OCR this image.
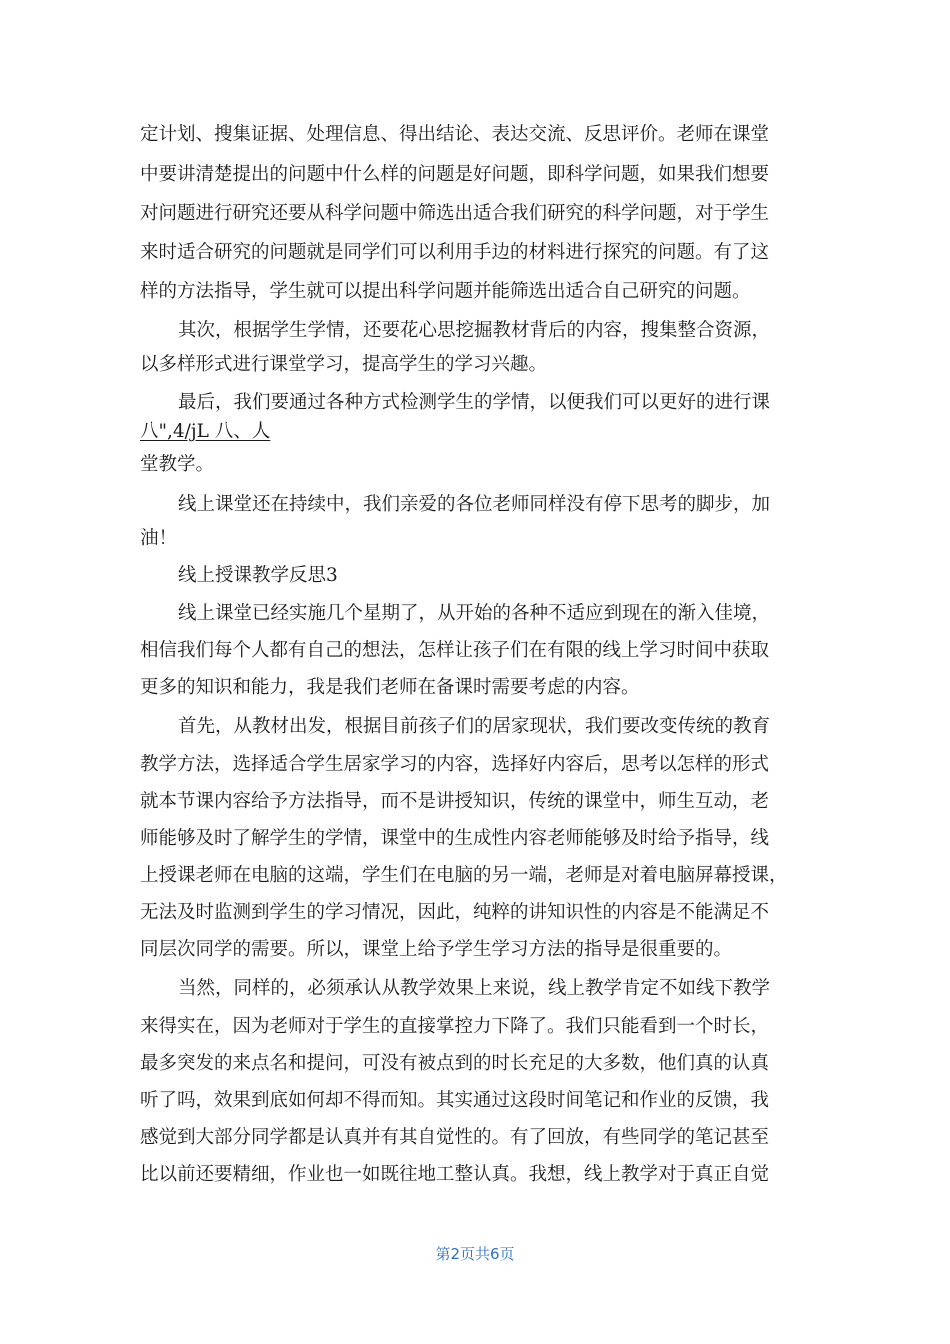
定计划、搜集证据、处理信息、得出结论、表达交流、反思评价。老师在课堂
中要讲清楚提出的问题中什么样的问题是好问题，即科学问题，如果我们想要
对问题进行研究还要从科学问题中筛选出适合我们研究的科学问题，对于学生
来时适合研究的问题就是同学们可以利用手边的材料进行探究的问题。有了这
样的方法指导，学生就可以提出科学问题并能筛选出适合自己研究的问题。
其次，根据学生学情，还要花心思挖掘教材背后的内容，搜集整合资源，
以多样形式进行课堂学习，提高学生的学习兴趣。
最后，我们要通过各种方式检测学生的学情，以便我们可以更好的进行课
八",4/jL 八、人
堂教学。
线上课堂还在持续中，我们亲爱的各位老师同样没有停下思考的脚步，加
油！
线上授课教学反思3
线上课堂已经实施几个星期了，从开始的各种不适应到现在的渐入佳境，
相信我们每个人都有自己的想法，怎样让孩子们在有限的线上学习时间中获取
更多的知识和能力，我是我们老师在备课时需要考虑的内容。
首先，从教材出发，根据目前孩子们的居家现状，我们要改变传统的教育
教学方法，选择适合学生居家学习的内容，选择好内容后，思考以怎样的形式
就本节课内容给予方法指导，而不是讲授知识，传统的课堂中，师生互动，老
师能够及时了解学生的学情，课堂中的生成性内容老师能够及时给予指导，线
上授课老师在电脑的这端，学生们在电脑的另一端，老师是对着电脑屏幕授课，
无法及时监测到学生的学习情况，因此，纯粹的讲知识性的内容是不能满足不
同层次同学的需要。所以，课堂上给予学生学习方法的指导是很重要的。
当然，同样的，必须承认从教学效果上来说，线上教学肯定不如线下教学
来得实在，因为老师对于学生的直接掌控力下降了。我们只能看到一个时长，
最多突发的来点名和提问，可没有被点到的时长充足的大多数，他们真的认真
听了吗，效果到底如何却不得而知。其实通过这段时间笔记和作业的反馈，我
感觉到大部分同学都是认真并有其自觉性的。有了回放，有些同学的笔记甚至
比以前还要精细，作业也一如既往地工整认真。我想，线上教学对于真正自觉
第2页共6页
